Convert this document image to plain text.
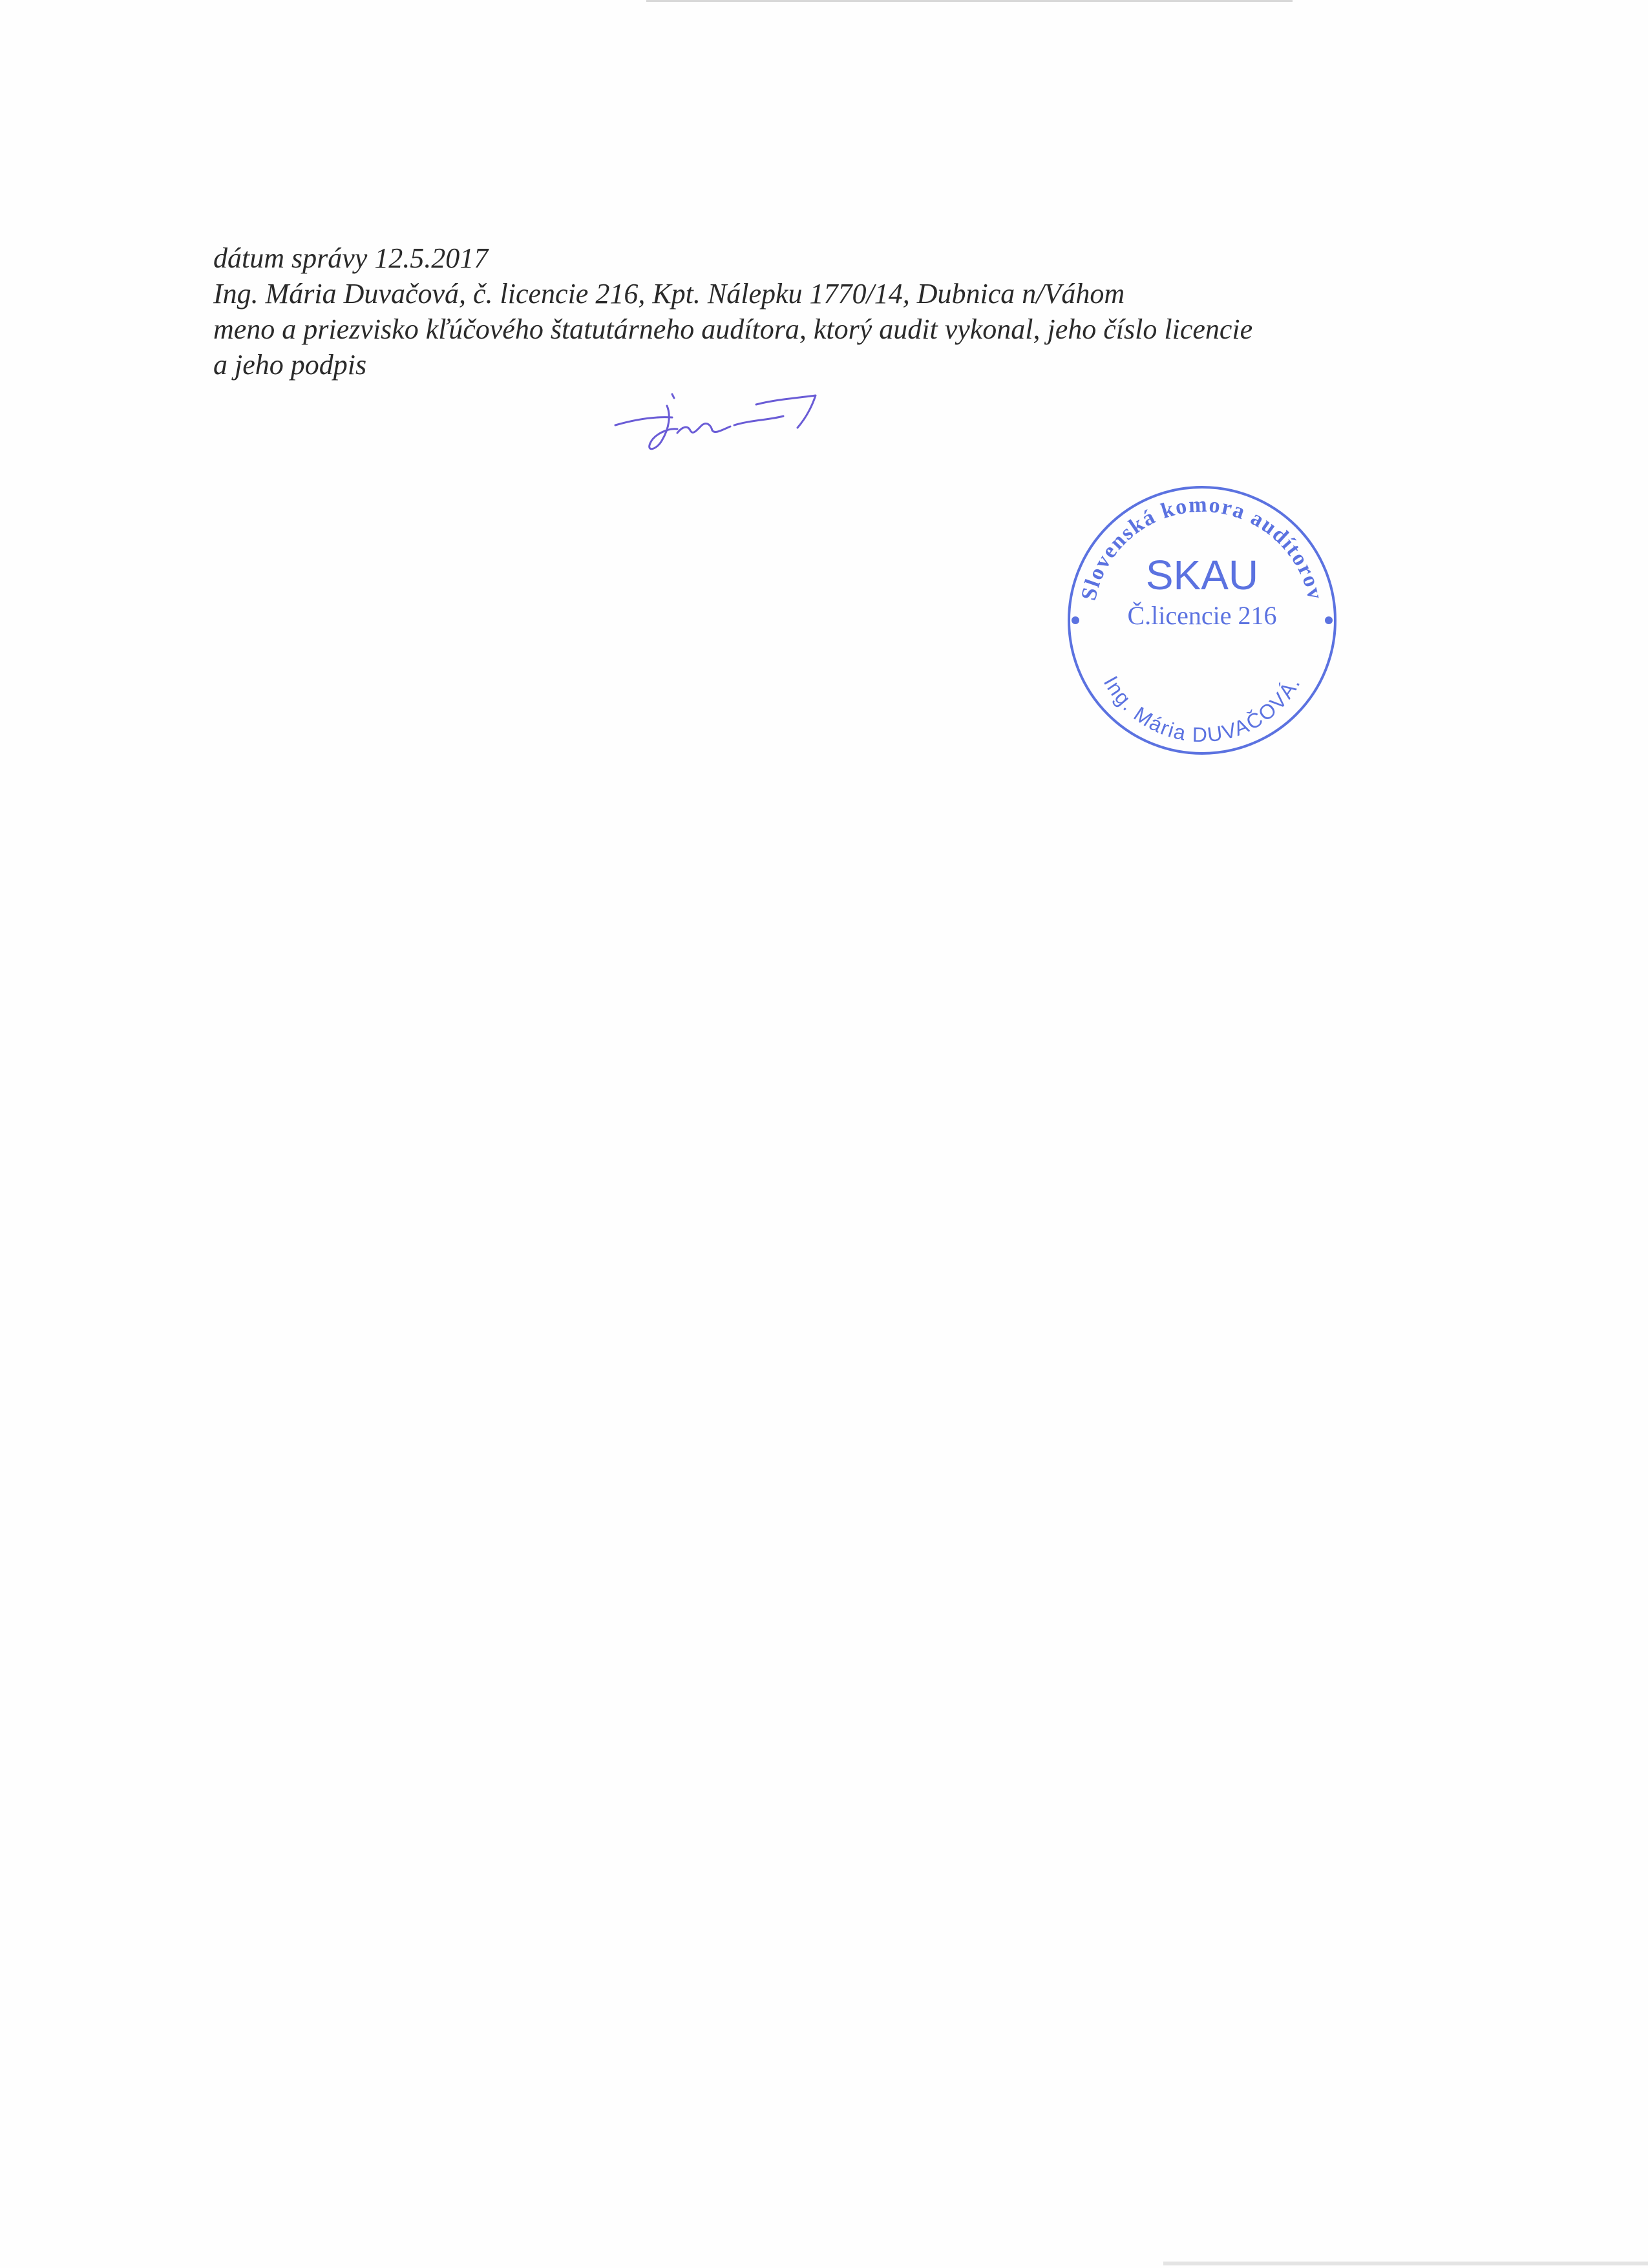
dátum správy 12.5.2017
Ing. Mária Duvačová, č. licencie 216, Kpt. Nálepku 1770/14, Dubnica n/Váhom
meno a priezvisko kľúčového štatutárneho audítora, ktorý audit vykonal, jeho číslo licencie
a jeho podpis
Slovenská komora audítorov
Ing. Mária DUVAČOVÁ.
SKAU
Č.licencie 216
